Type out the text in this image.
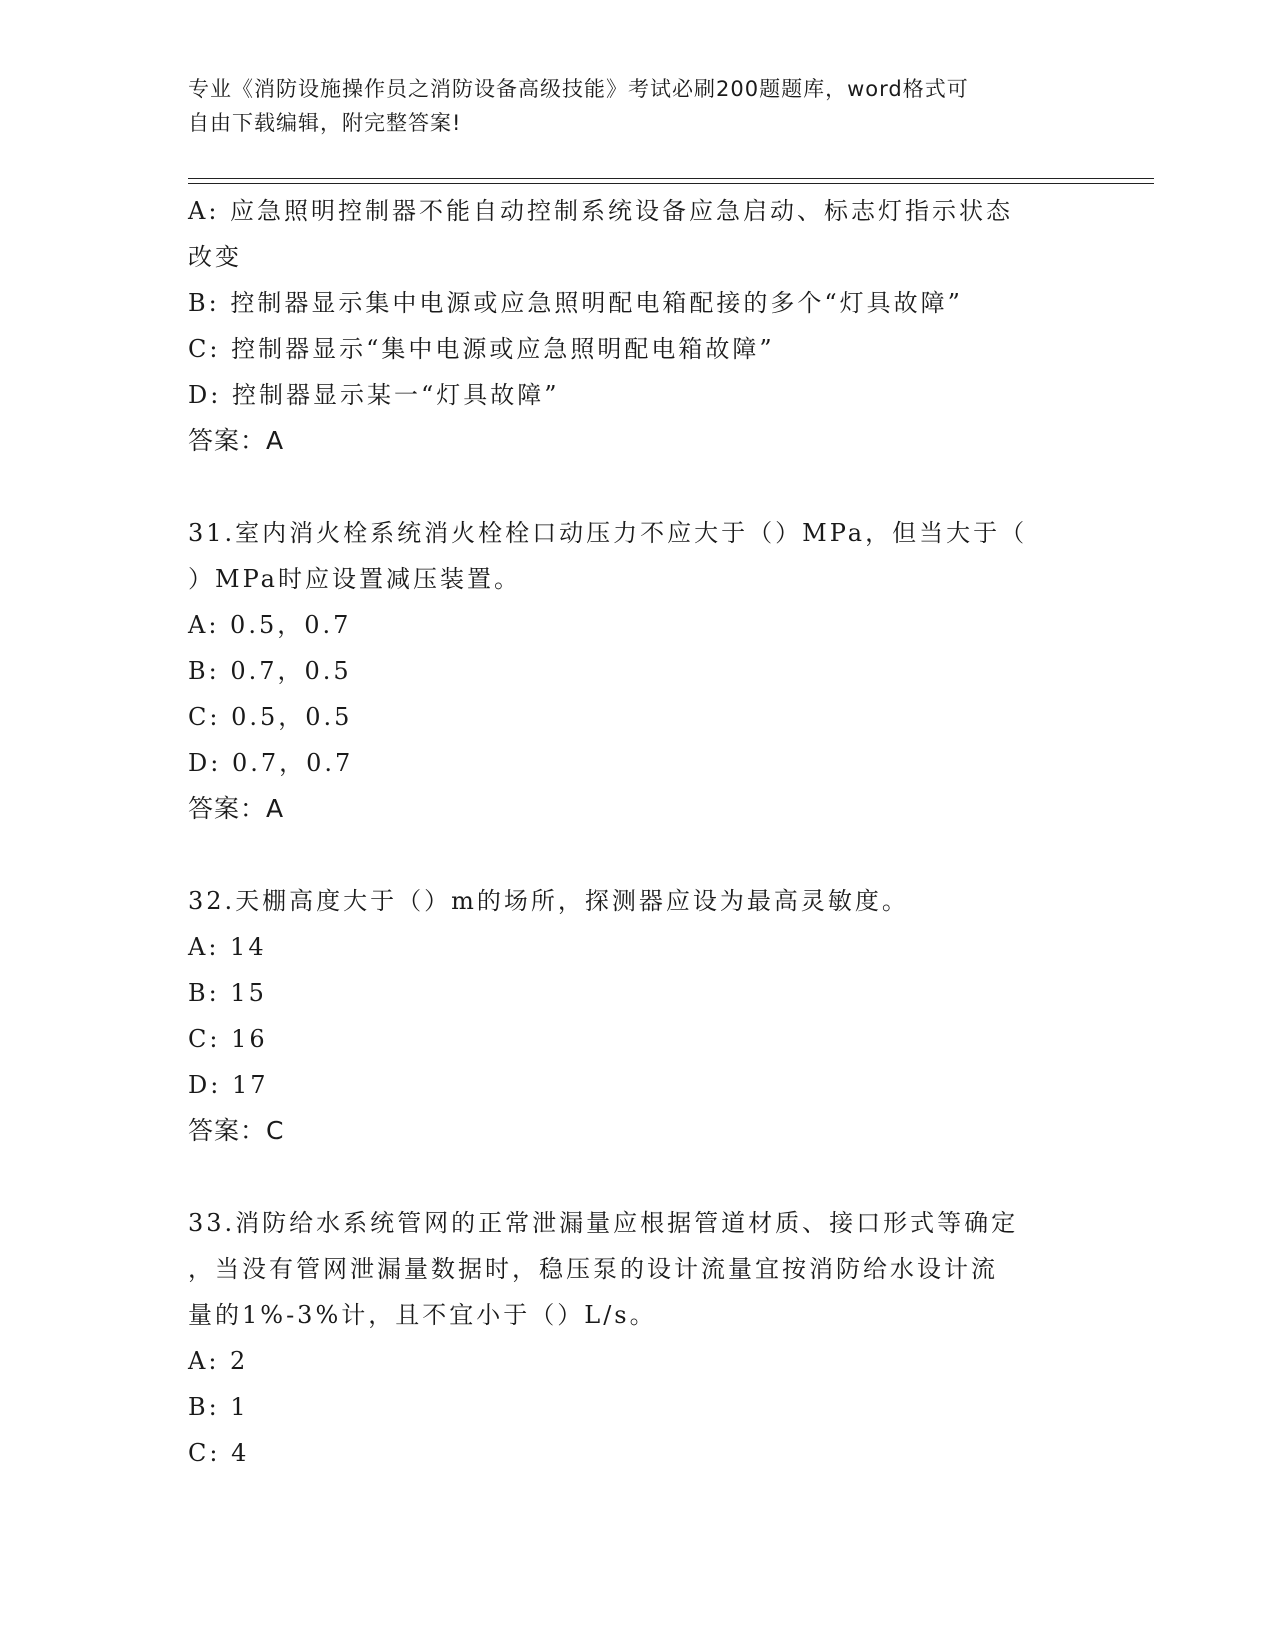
专业《消防设施操作员之消防设备高级技能》考试必刷200题题库，word格式可
自由下载编辑，附完整答案!
A: 应急照明控制器不能自动控制系统设备应急启动、标志灯指示状态
改变
B: 控制器显示集中电源或应急照明配电箱配接的多个“灯具故障”
C: 控制器显示“集中电源或应急照明配电箱故障”
D: 控制器显示某一“灯具故障”
答案：A
31.室内消火栓系统消火栓栓口动压力不应大于（）MPa，但当大于（
）MPa时应设置减压装置。
A: 0.5，0.7
B: 0.7，0.5
C: 0.5，0.5
D: 0.7，0.7
答案：A
32.天棚高度大于（）m的场所，探测器应设为最高灵敏度。
A: 14
B: 15
C: 16
D: 17
答案：C
33.消防给水系统管网的正常泄漏量应根据管道材质、接口形式等确定
，当没有管网泄漏量数据时，稳压泵的设计流量宜按消防给水设计流
量的1%-3%计，且不宜小于（）L/s。
A: 2
B: 1
C: 4
